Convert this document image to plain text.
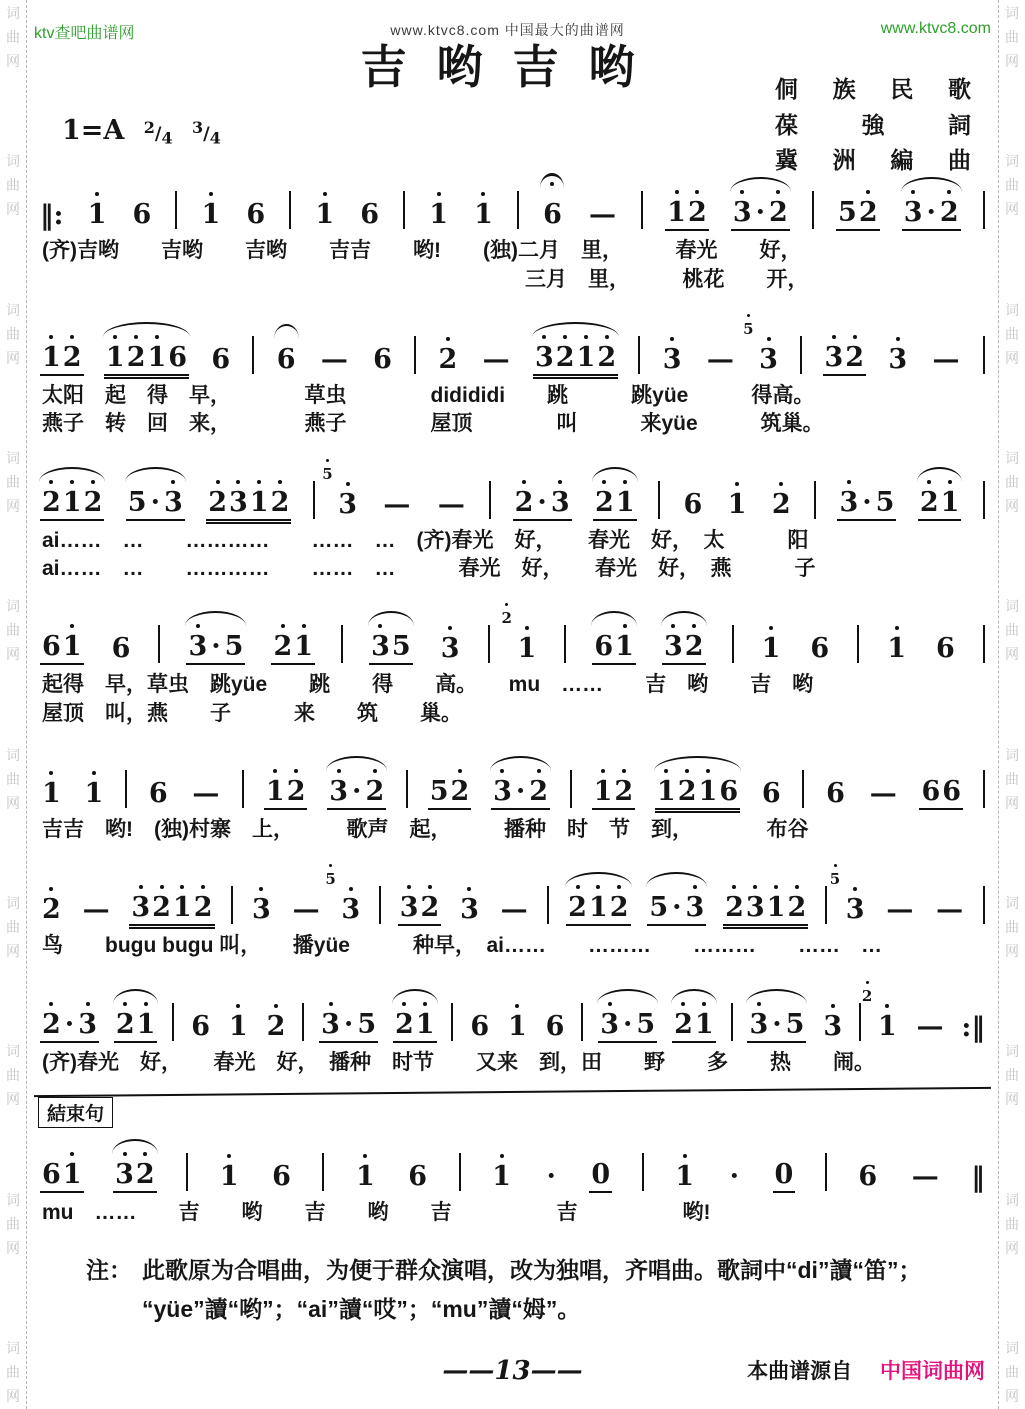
词
曲
网
词
曲
网
词
曲
网
词
曲
网
词
曲
网
词
曲
网
词
曲
网
词
曲
网
词
曲
网
词
曲
网
词
曲
网
词
曲
网
词
曲
网
词
曲
网
词
曲
网
词
曲
网
词
曲
网
词
曲
网
词
曲
网
词
曲
网
ktv查吧曲谱网	www.ktvc8.com 中国最大的曲谱网	www.ktvc8.com
吉哟吉哟	侗族民歌
葆強詞
冀洲編曲
1=A 2/4 3/4
‖: 1 6 1 6 1 6 1 1 6 — 1 2 3 · 2 5 2 3 · 2
(齐)吉哟　　吉哟　　吉哟　　吉吉　　哟!　　(独)二月　里，　　　春光　　好，
　　　　　　　　　　　　　　　　　　　　　　　三月　里，　　　桃花　　开，
1 2 1 2 1 6 6 6 — 6 2 — 3 2 1 2 3 —
5
3 3 2 3 —
太阳　起　得　早，　　　　草虫　　　　didididi　　跳　　　跳yüe　　　得高。
燕子　转　回　来，　　　　燕子　　　　屋顶　　　　叫　　　来yüe　　　筑巢。
2 1 2 5 · 3 2 3 1 2
5
3 — — 2 · 3 2 1 6 1 2 3 · 5 2 1
ai……　…　　…………　　……　…　(齐)春光　好，　　春光　好，　太　　　阳
ai……　…　　…………　　……　…　　　春光　好，　　春光　好，　燕　　　子
6 1 6 3 · 5 2 1 3 5 3
2
1 6 1 3 2 1 6 1 6
起得　早，草虫　跳yüe　　跳　　得　　高。　　mu　……　　吉　哟　　吉　哟
屋顶　叫，燕　　子　　　来　　筑　　巢。
1 1 6 — 1 2 3 · 2 5 2 3 · 2 1 2 1 2 1 6 6 6 — 6 6
吉吉　哟!　(独)村寨　上，　　　歌声　起，　　　播种　时　节　到，　　　　布谷
2 — 3 2 1 2 3 —
5
3 3 2 3 — 2 1 2 5 · 3 2 3 1 2
5
3 — —
鸟　　bugu bugu 叫，　　播yüe　　　种早，　ai……　　………　　………　　……　…
2 · 3 2 1 6 1 2 3 · 5 2 1 6 1 6 3 · 5 2 1 3 · 5 3
2
1 — :‖
(齐)春光　好，　　春光　好，　播种　时节　　又来　到，田　　野　　多　　热　　闹。
結束句
6 1 3 2 1 6 1 6 1 · 0 1 · 0 6 — ‖
mu　……　　吉　　哟　　吉　　哟　　吉　　　　　吉　　　　　哟!
注： 此歌原为合唱曲，为便于群众演唱，改为独唱，齐唱曲。歌詞中“di”讀“笛”；
“yüe”讀“哟”；“ai”讀“哎”；“mu”讀“姆”。
——13——	本曲谱源自 中国词曲网
